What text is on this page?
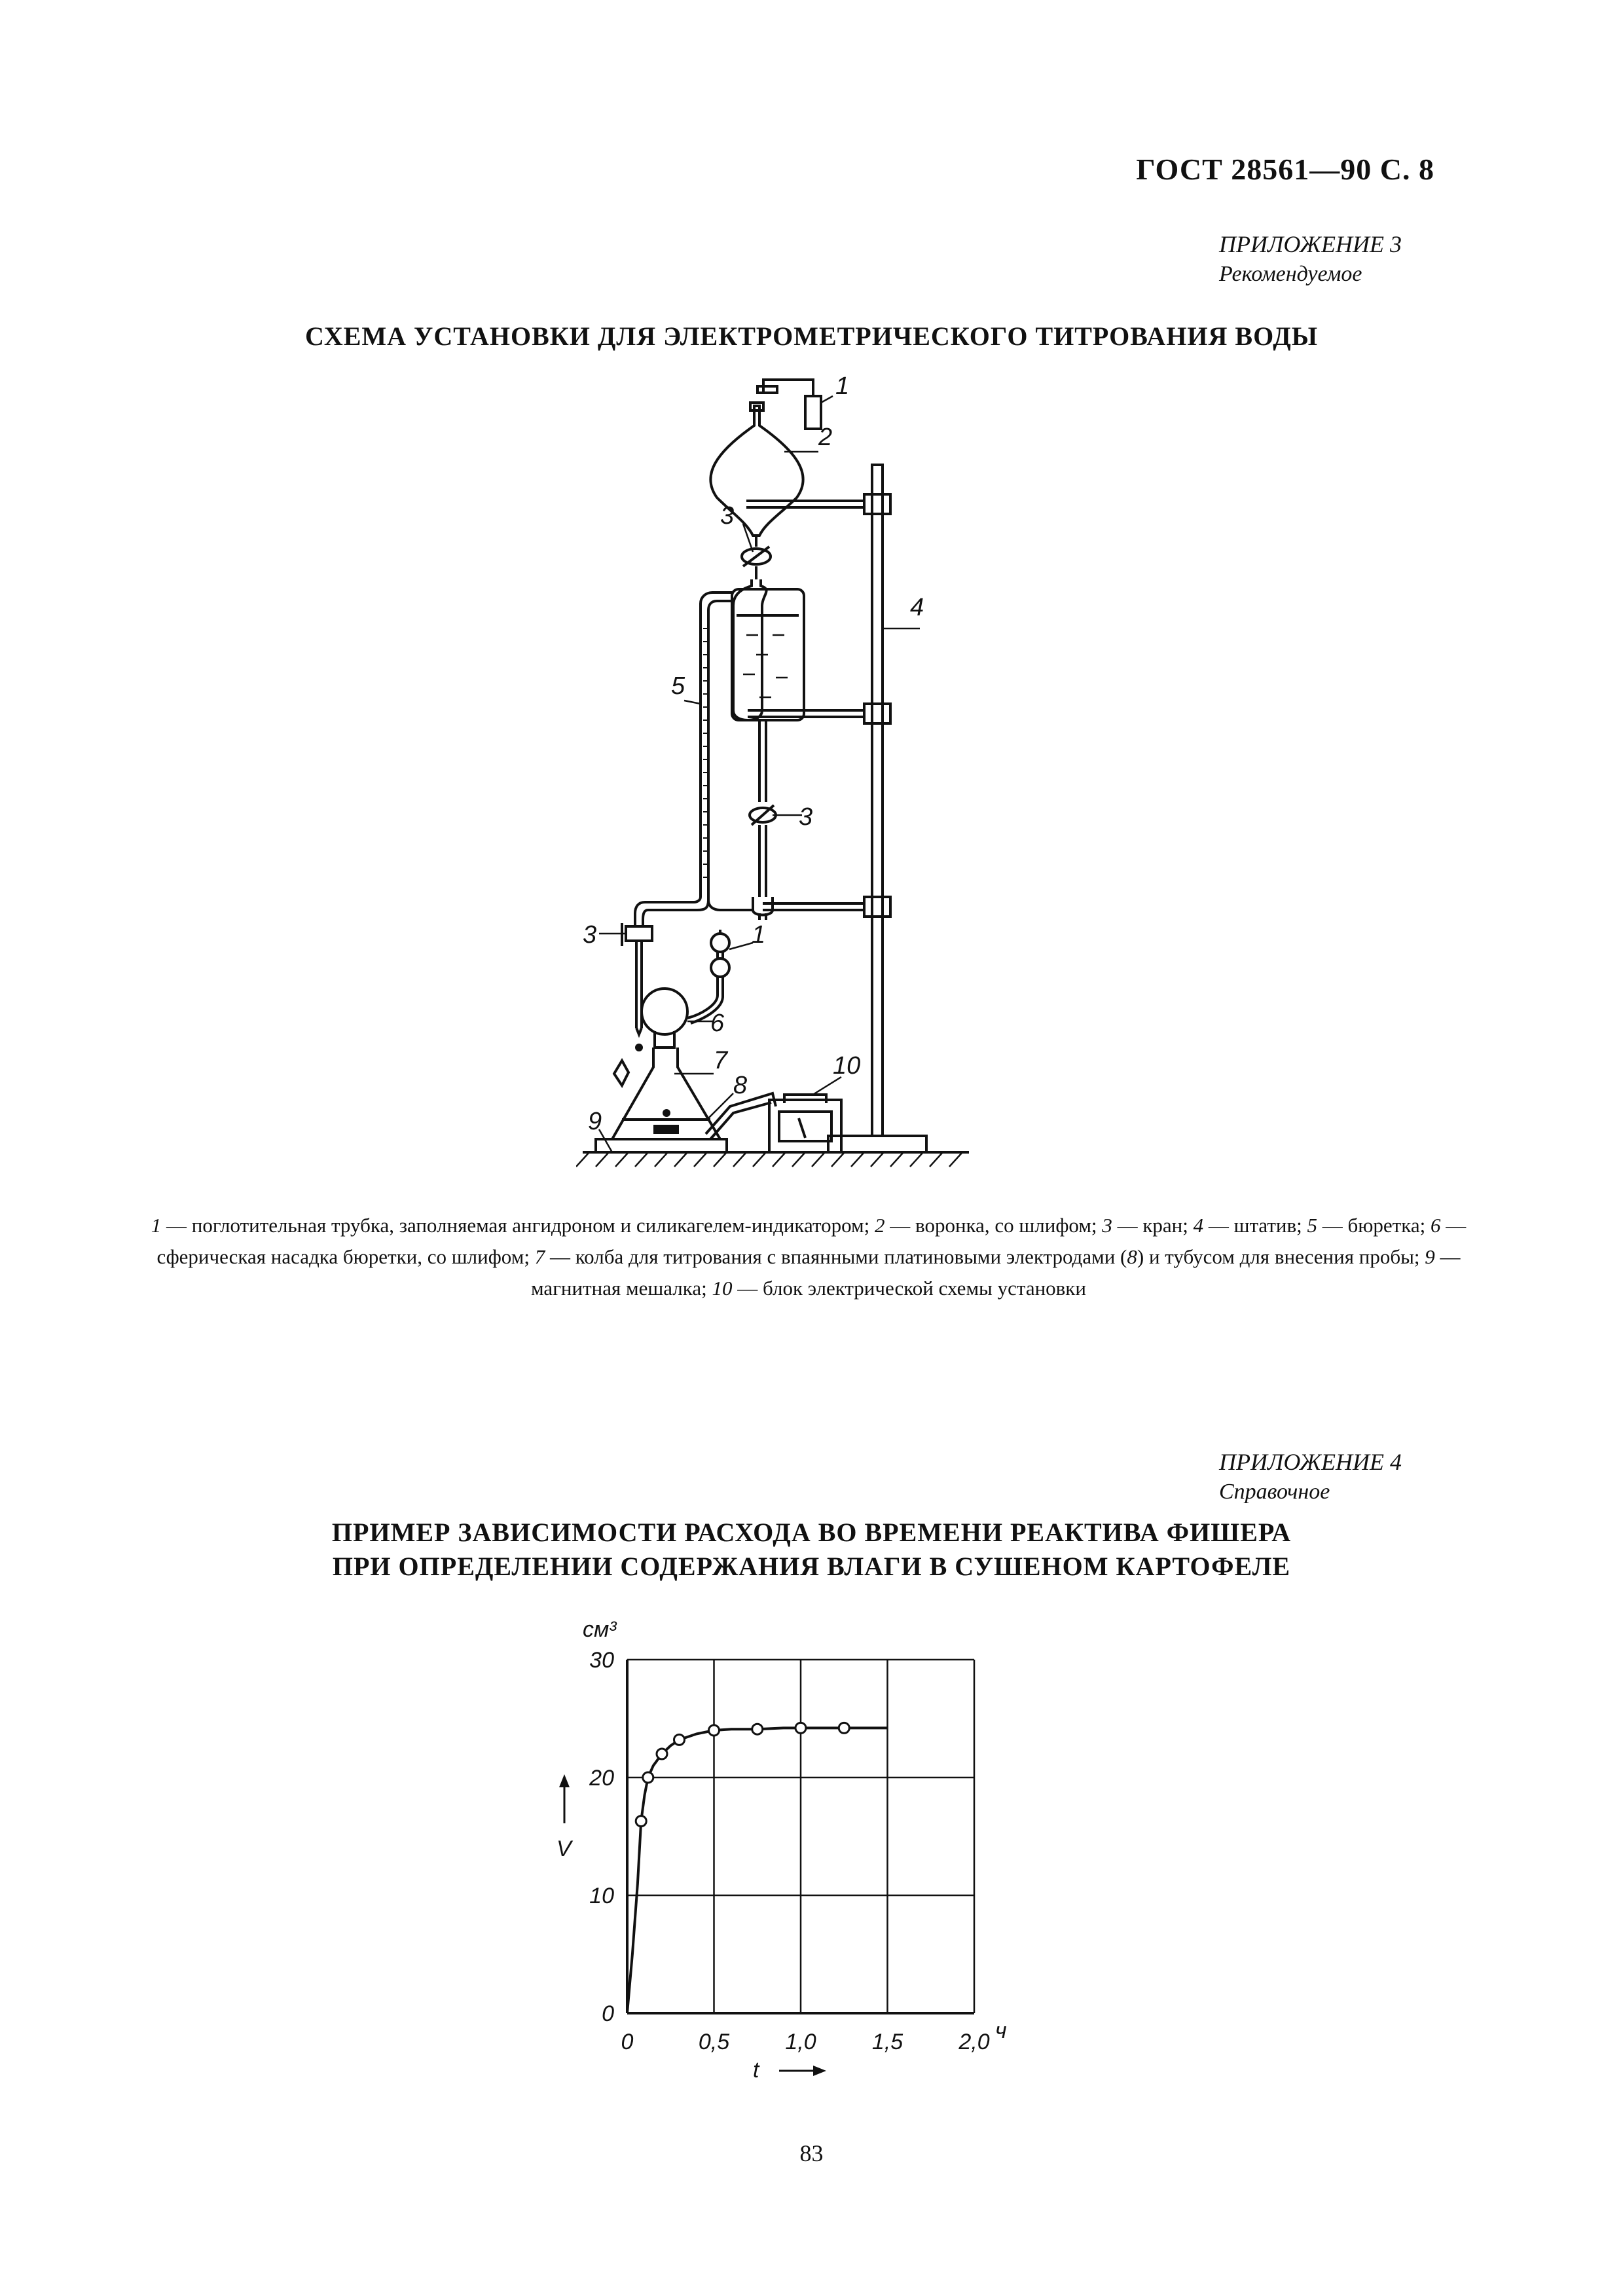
ГОСТ 28561—90 С. 8
ПРИЛОЖЕНИЕ 3
Рекомендуемое
СХЕМА УСТАНОВКИ ДЛЯ ЭЛЕКТРОМЕТРИЧЕСКОГО ТИТРОВАНИЯ ВОДЫ
1
2
3
4
5
3
3	1
6
7
8
9
10
1 — поглотительная трубка, заполняемая ангидроном и силикагелем-индикатором; 2 — воронка, со шлифом; 3 — кран; 4 — штатив; 5 — бюретка; 6 — сферическая насадка бюретки, со шлифом; 7 — колба для титрования с впаянными платиновыми электродами (8) и тубусом для внесения пробы; 9 — магнитная мешалка; 10 — блок электрической схемы установки
ПРИЛОЖЕНИЕ 4
Справочное
ПРИМЕР ЗАВИСИМОСТИ РАСХОДА ВО ВРЕМЕНИ РЕАКТИВА ФИШЕРА
ПРИ ОПРЕДЕЛЕНИИ СОДЕРЖАНИЯ ВЛАГИ В СУШЕНОМ КАРТОФЕЛЕ
0
10
20
30
0	0,5	1,0	1,5	2,0
см³
V
ч
t
83
